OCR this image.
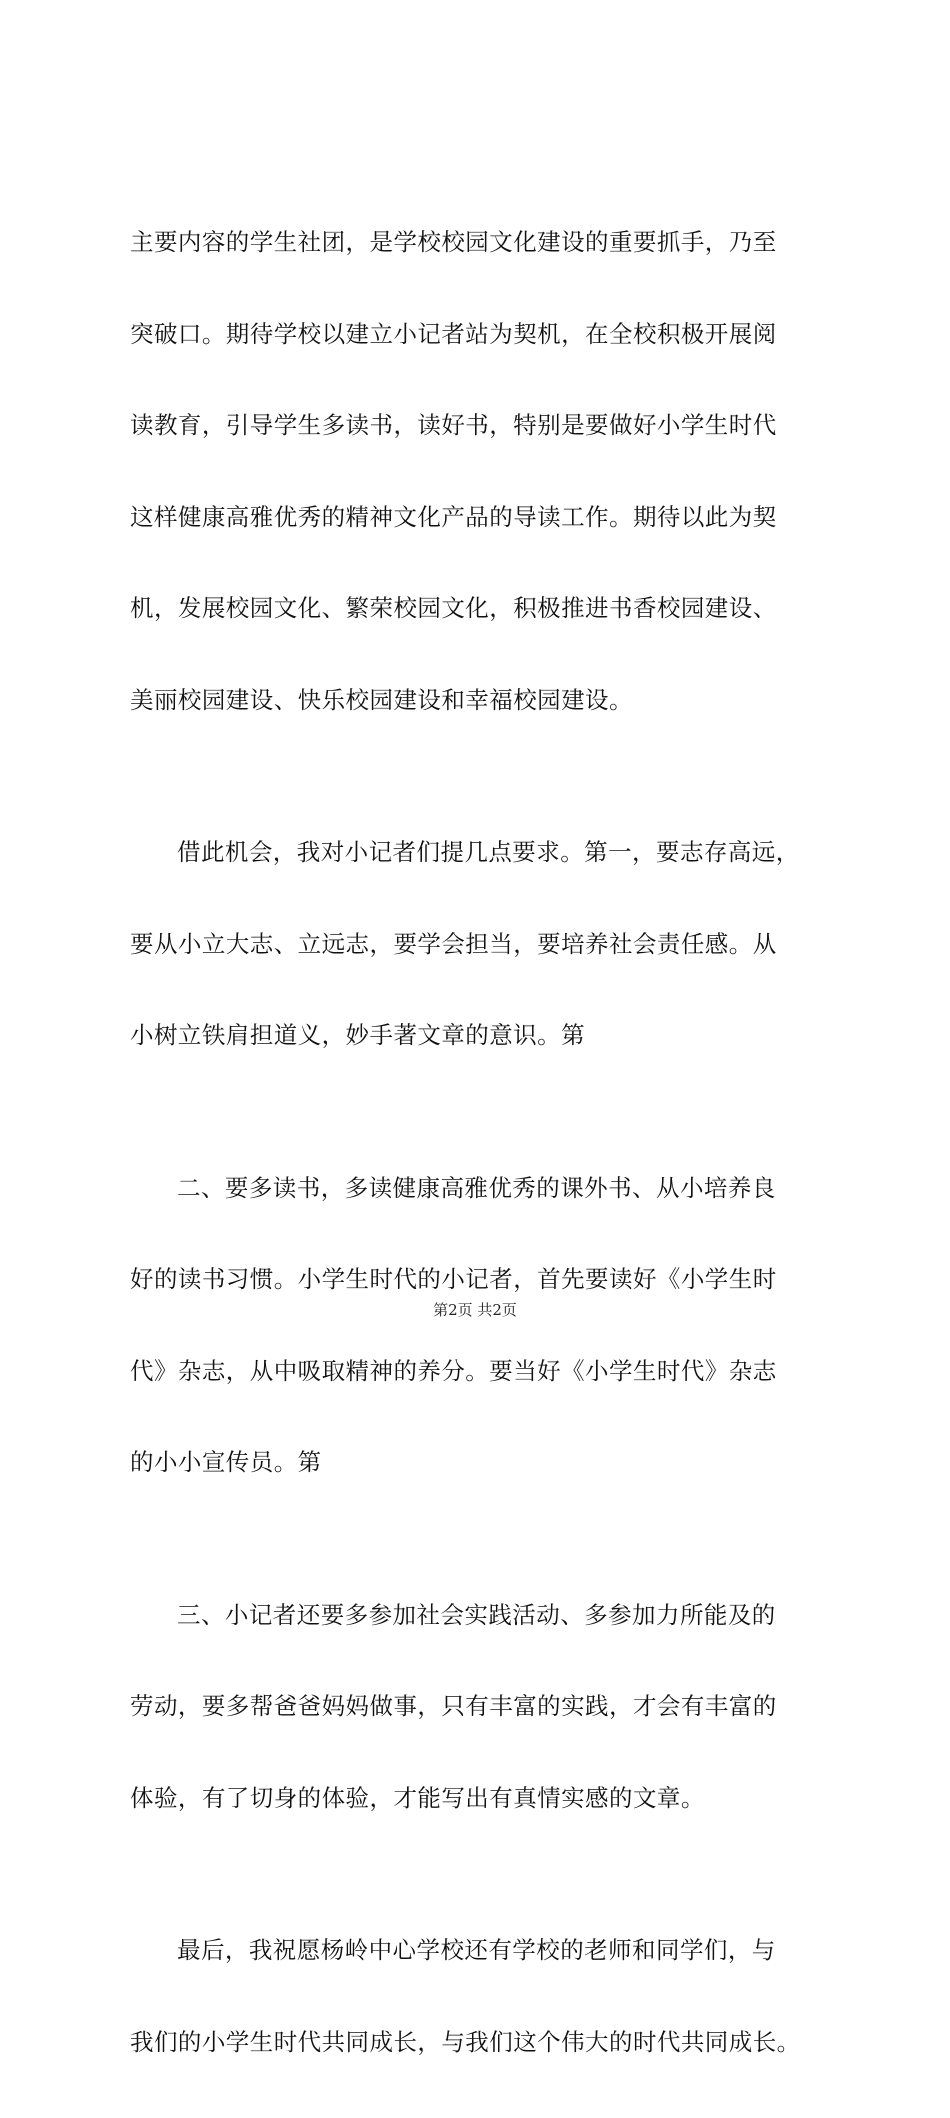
主要内容的学生社团，是学校校园文化建设的重要抓手，乃至

突破口。期待学校以建立小记者站为契机，在全校积极开展阅

读教育，引导学生多读书，读好书，特别是要做好小学生时代

这样健康高雅优秀的精神文化产品的导读工作。期待以此为契

机，发展校园文化、繁荣校园文化，积极推进书香校园建设、

美丽校园建设、快乐校园建设和幸福校园建设。

借此机会，我对小记者们提几点要求。第一，要志存高远，

要从小立大志、立远志，要学会担当，要培养社会责任感。从

小树立铁肩担道义，妙手著文章的意识。第

二、要多读书，多读健康高雅优秀的课外书、从小培养良

好的读书习惯。小学生时代的小记者，首先要读好《小学生时

代》杂志，从中吸取精神的养分。要当好《小学生时代》杂志

的小小宣传员。第

三、小记者还要多参加社会实践活动、多参加力所能及的

劳动，要多帮爸爸妈妈做事，只有丰富的实践，才会有丰富的

体验，有了切身的体验，才能写出有真情实感的文章。

最后，我祝愿杨岭中心学校还有学校的老师和同学们，与

我们的小学生时代共同成长，与我们这个伟大的时代共同成长。

第2页 共2页
